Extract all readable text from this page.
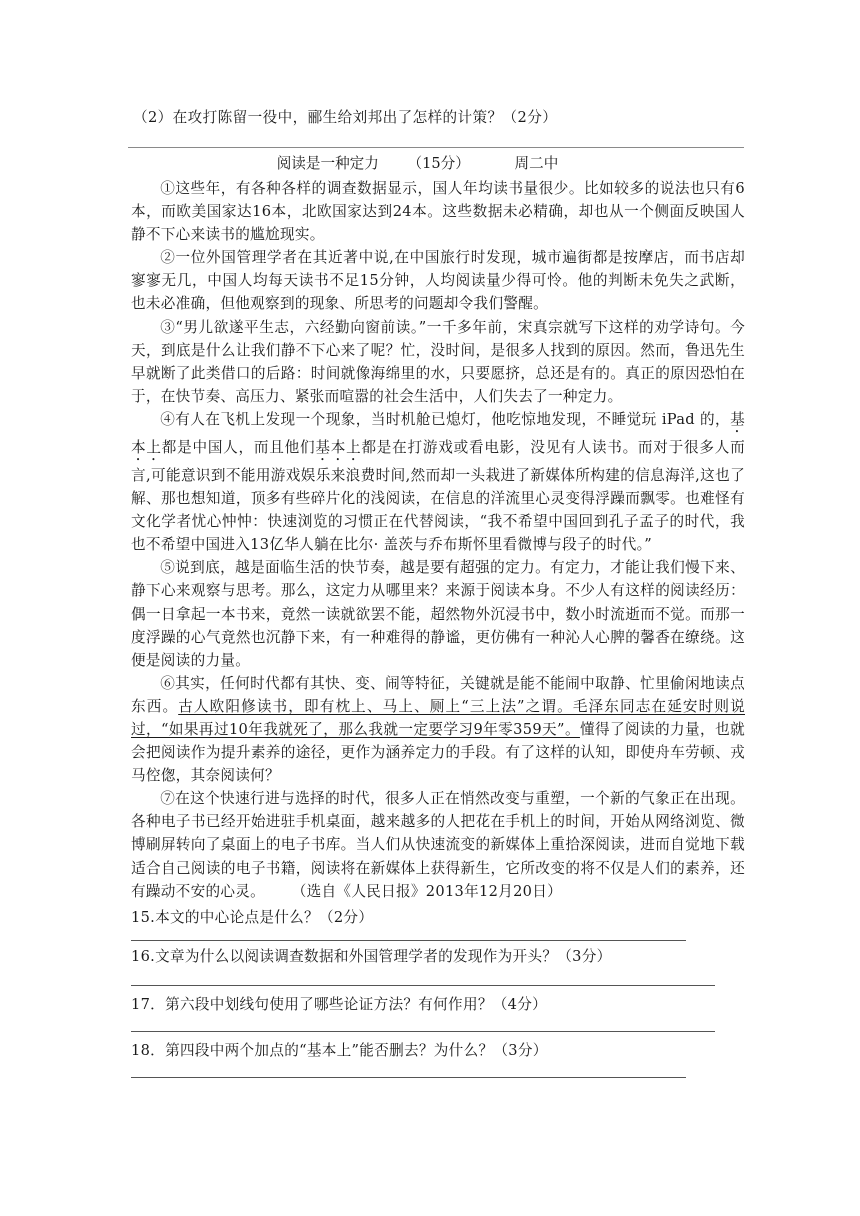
（2）在攻打陈留一役中，郦生给刘邦出了怎样的计策？（2分）
阅读是一种定力 （15分）	周二中

①这些年，有各种各样的调查数据显示，国人年均读书量很少。比如较多的说法也只有6本，而欧美国家达16本，北欧国家达到24本。这些数据未必精确，却也从一个侧面反映国人静不下心来读书的尴尬现实。

②一位外国管理学者在其近著中说,在中国旅行时发现，城市遍街都是按摩店，而书店却寥寥无几，中国人均每天读书不足15分钟，人均阅读量少得可怜。他的判断未免失之武断，也未必准确，但他观察到的现象、所思考的问题却令我们警醒。

③“男儿欲遂平生志，六经勤向窗前读。”一千多年前，宋真宗就写下这样的劝学诗句。今天，到底是什么让我们静不下心来了呢？忙，没时间，是很多人找到的原因。然而，鲁迅先生早就断了此类借口的后路：时间就像海绵里的水，只要愿挤，总还是有的。真正的原因恐怕在于，在快节奏、高压力、紧张而喧嚣的社会生活中，人们失去了一种定力。

④有人在飞机上发现一个现象，当时机舱已熄灯，他吃惊地发现，不睡觉玩 iPad 的，基本上都是中国人，而且他们基本上都是在打游戏或看电影，没见有人读书。而对于很多人而言,可能意识到不能用游戏娱乐来浪费时间,然而却一头栽进了新媒体所构建的信息海洋,这也了解、那也想知道，顶多有些碎片化的浅阅读，在信息的洋流里心灵变得浮躁而飘零。也难怪有文化学者忧心忡忡：快速浏览的习惯正在代替阅读，“我不希望中国回到孔子孟子的时代，我也不希望中国进入13亿华人躺在比尔· 盖茨与乔布斯怀里看微博与段子的时代。”

⑤说到底，越是面临生活的快节奏，越是要有超强的定力。有定力，才能让我们慢下来、静下心来观察与思考。那么，这定力从哪里来？来源于阅读本身。不少人有这样的阅读经历：偶一日拿起一本书来，竟然一读就欲罢不能，超然物外沉浸书中，数小时流逝而不觉。而那一度浮躁的心气竟然也沉静下来，有一种难得的静谧，更仿佛有一种沁人心脾的馨香在缭绕。这便是阅读的力量。

⑥其实，任何时代都有其快、变、闹等特征，关键就是能不能闹中取静、忙里偷闲地读点东西。古人欧阳修读书，即有枕上、马上、厕上“三上法”之谓。毛泽东同志在延安时则说过，“如果再过10年我就死了，那么我就一定要学习9年零359天”。懂得了阅读的力量，也就会把阅读作为提升素养的途径，更作为涵养定力的手段。有了这样的认知，即使舟车劳顿、戎马倥偬，其奈阅读何？

⑦在这个快速行进与选择的时代，很多人正在悄然改变与重塑，一个新的气象正在出现。各种电子书已经开始进驻手机桌面，越来越多的人把花在手机上的时间，开始从网络浏览、微博刷屏转向了桌面上的电子书库。当人们从快速流变的新媒体上重拾深阅读，进而自觉地下载适合自己阅读的电子书籍，阅读将在新媒体上获得新生，它所改变的将不仅是人们的素养，还有躁动不安的心灵。 （选自《人民日报》2013年12月20日）

15.本文的中心论点是什么？（2分）
16.文章为什么以阅读调查数据和外国管理学者的发现作为开头？（3分）
17．第六段中划线句使用了哪些论证方法？有何作用？（4分）
18．第四段中两个加点的“基本上”能否删去？为什么？（3分）
